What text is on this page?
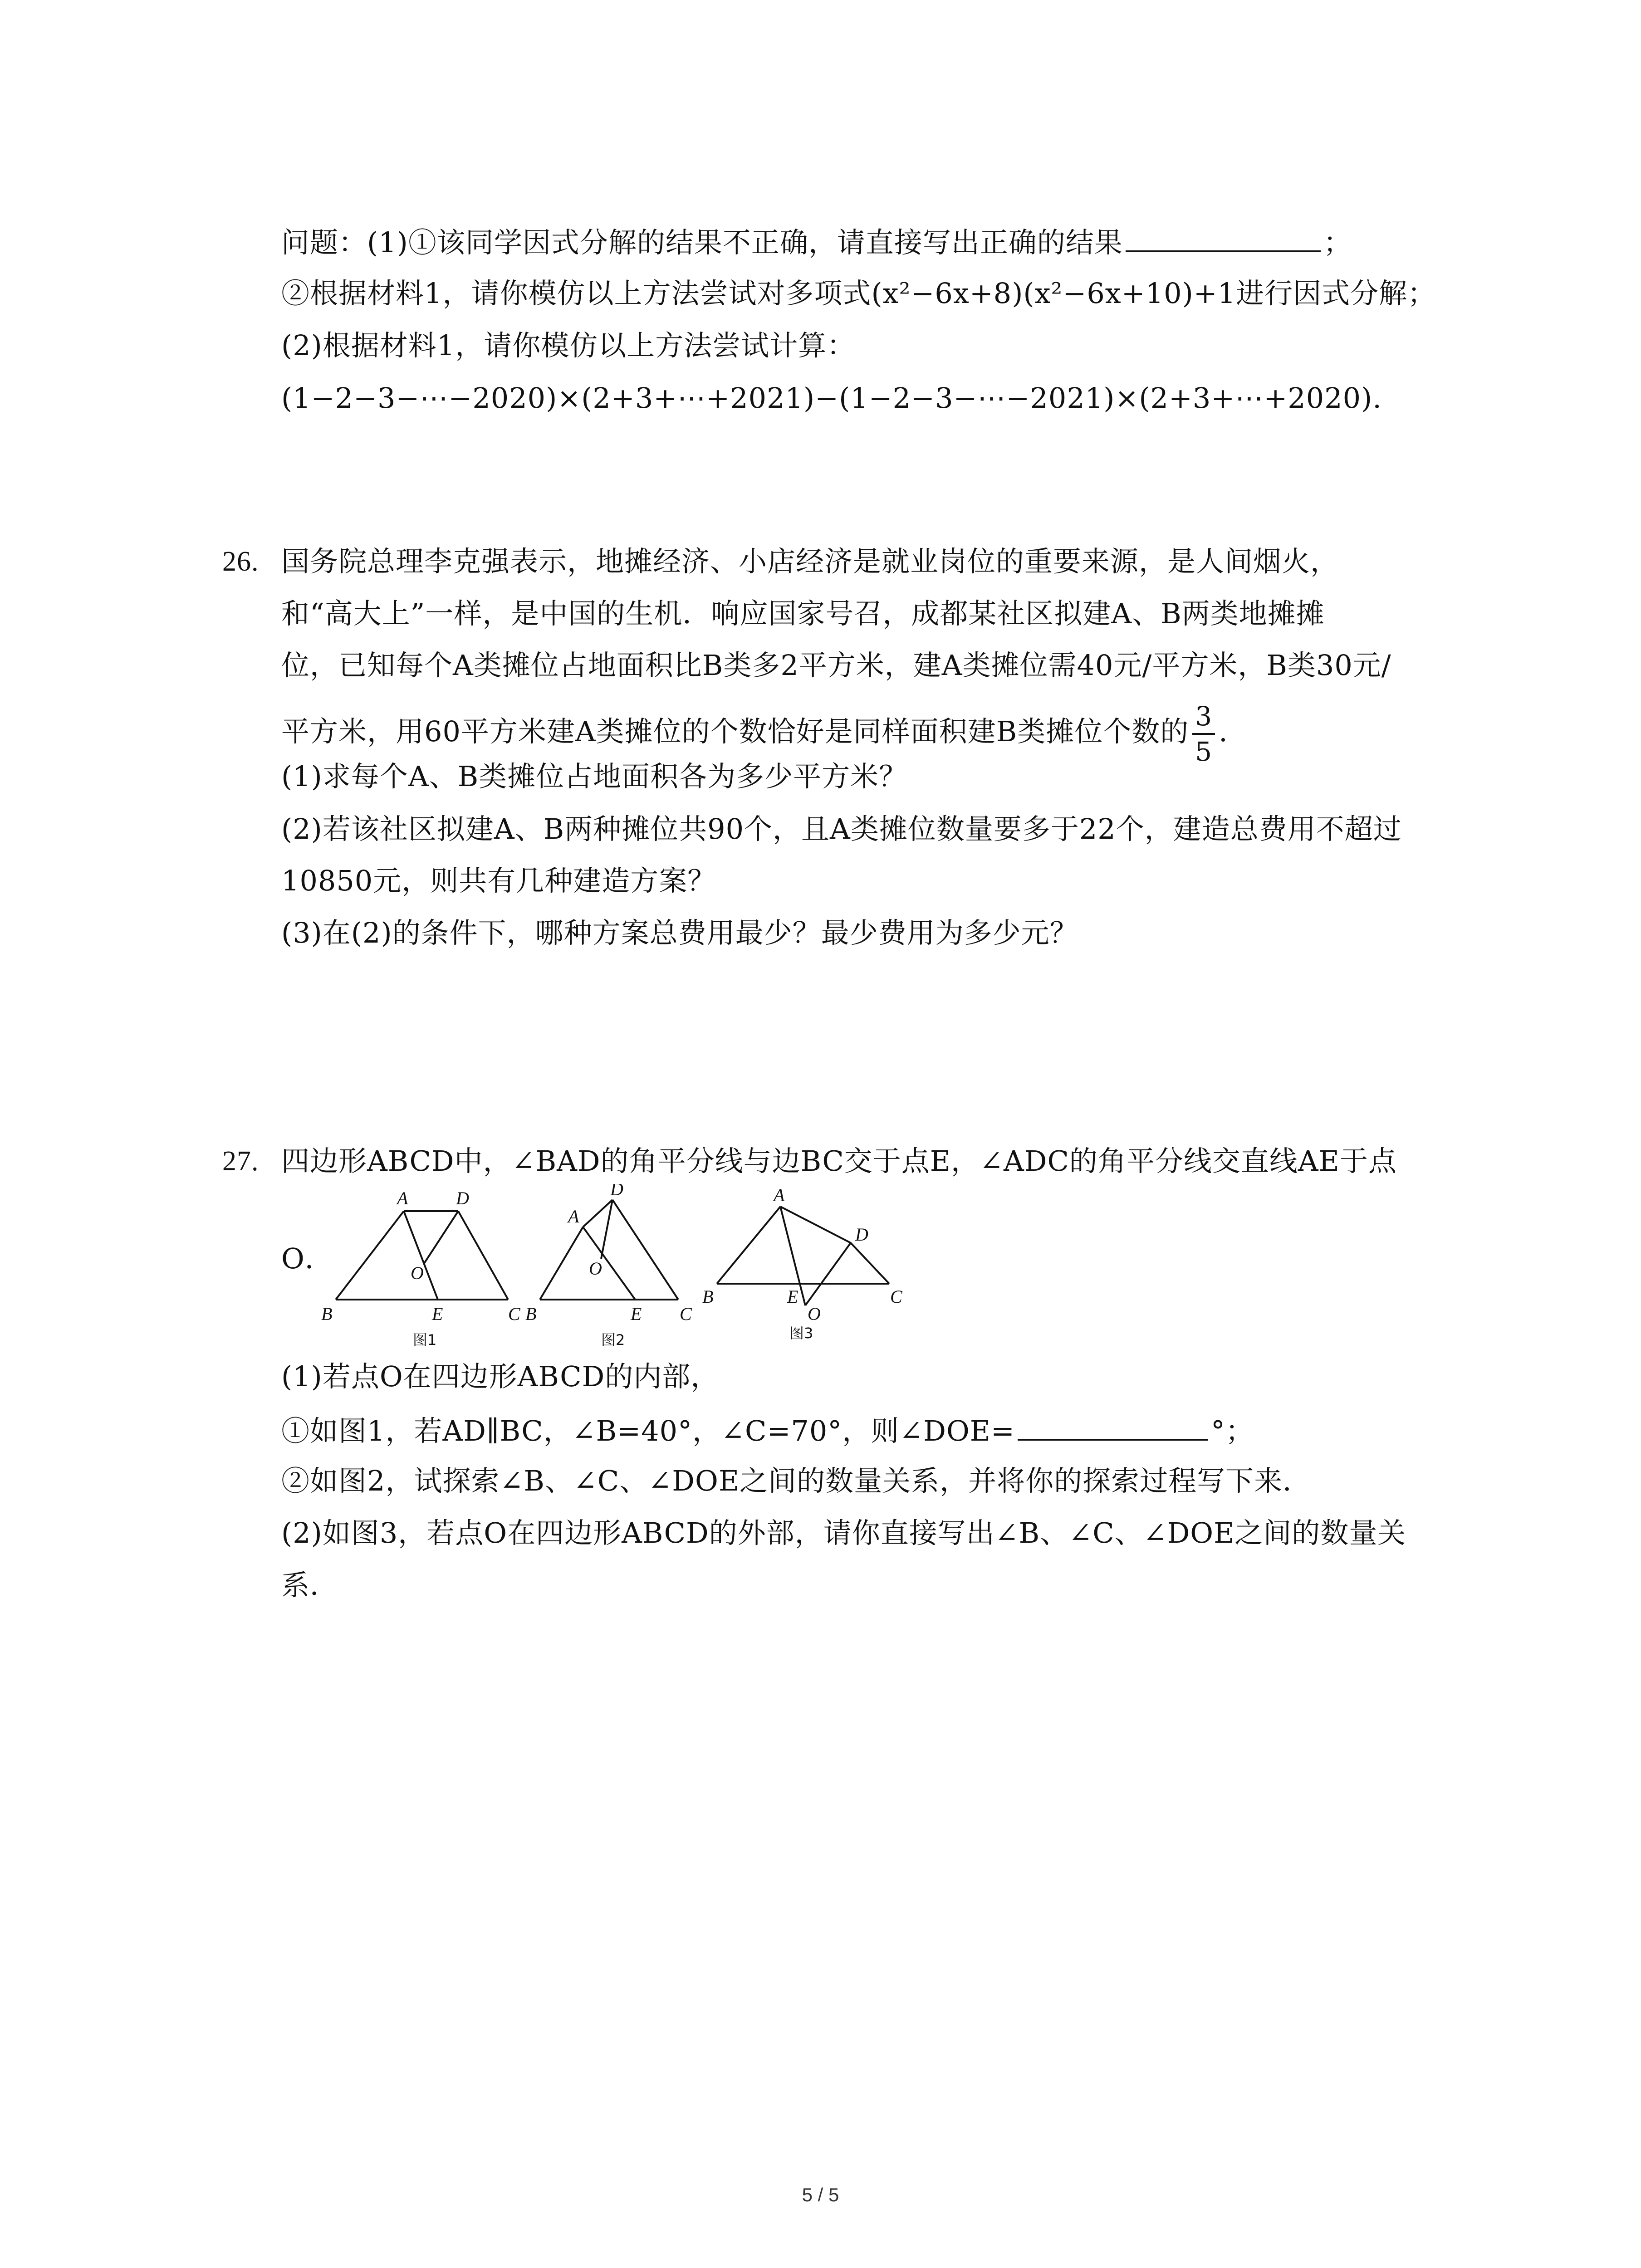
问题：(1)①该同学因式分解的结果不正确，请直接写出正确的结果	；
②根据材料1，请你模仿以上方法尝试对多项式(x²−6x+8)(x²−6x+10)+1进行因式分解；
(2)根据材料1，请你模仿以上方法尝试计算：
(1−2−3−⋯−2020)×(2+3+⋯+2021)−(1−2−3−⋯−2021)×(2+3+⋯+2020).
26. 国务院总理李克强表示，地摊经济、小店经济是就业岗位的重要来源，是人间烟火，
和“高大上”一样，是中国的生机．响应国家号召，成都某社区拟建A、B两类地摊摊
位，已知每个A类摊位占地面积比B类多2平方米，建A类摊位需40元/平方米，B类30元/
平方米，用60平方米建A类摊位的个数恰好是同样面积建B类摊位个数的 $\frac{3}{5}$ .
(1)求每个A、B类摊位占地面积各为多少平方米？
(2)若该社区拟建A、B两种摊位共90个，且A类摊位数量要多于22个，建造总费用不超过
10850元，则共有几种建造方案？
(3)在(2)的条件下，哪种方案总费用最少？最少费用为多少元？
27. 四边形ABCD中，∠BAD的角平分线与边BC交于点E，∠ADC的角平分线交直线AE于点
O．
B
A	D
O
E	C
图1
B
A
D
O
E C
图2
B
A
D
E
O
C
图3
(1)若点O在四边形ABCD的内部，
①如图1，若AD∥BC，∠B=40°，∠C=70°，则∠DOE=	°；
②如图2，试探索∠B、∠C、∠DOE之间的数量关系，并将你的探索过程写下来．
(2)如图3，若点O在四边形ABCD的外部，请你直接写出∠B、∠C、∠DOE之间的数量关
系．
5 / 5
